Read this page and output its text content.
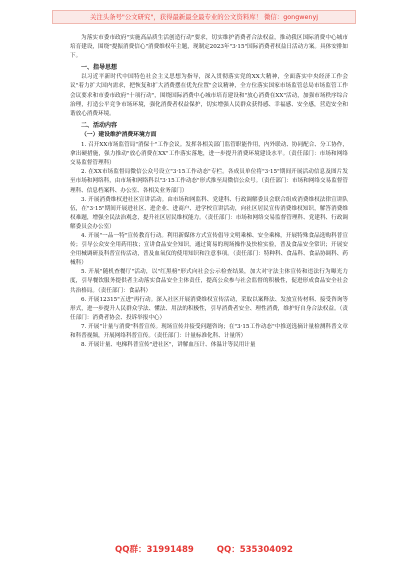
关注头条号"公文研究"，获得最新最全最专业的公文资料库！ 微信：gongwenyj

为落实市委市政府"实施高品质生活创造行动"要求，切实维护消费者合法权益，推动我区国际消费中心城市培育建设，围绕"提振消费信心"消费维权年主题，现制定2023年"3·15"国际消费者权益日活动方案。具体安排如下。

一、指导思想

以习近平新时代中国特色社会主义思想为指导，深入贯彻落实党的XX大精神，全面落实中央经济工作会议"着力扩大国内需求，把恢复和扩大消费摆在优先位置"会议精神，全方位落实国家市场监管总局市场监管工作会议要求和市委市政府"十项行动"，围绕国际消费中心城市培育建设和"放心消费在XX"活动，加强市场秩序综合治理，打造公平竞争市场环境，强化消费者权益保护，切实增强人民群众获得感、幸福感、安全感，营造安全和谐放心消费环境。

二、活动内容
（一）建设维护消费环境方面

1. 召开XX市场监管局"消保十"工作会议。发挥各相关部门监管职能作用，内外联动、协同配合、分工协作，拿出硬措施，强力推动"放心消费在XX"工作落实落地，进一步提升消费环境建设水平。（责任部门：市场和网络交易监督管理科）

2. 在XX市场监督局微信公众号设立"3·15工作动态"专栏。各成员单位将"3·15"期间开展活动信息及图片发至市场和网络科，由市场和网络科以"3·15工作动态"形式推至局微信公众号。（责任部门：市场和网络交易监督管理科、信息档案科、办公室、各相关业务部门）

3. 开展消费维权进社区宣讲活动。由市场和网监科、党建科、行政调解委员会联合组成消费维权法律宣讲队伍，在"3·15"期间开展进社区、进企业、进商户、进学校宣讲活动，向社区居民宣传消费维权知识，解答消费维权难题，增强全民法治观念，提升社区居民维权能力。（责任部门：市场和网络交易监督管理科、党建科、行政调解委员会办公室）

4. 开展"一品一特"宣传教育行动。利用新媒体方式宣传倡导文明乘梯、安全乘梯，开展特殊食品选购科普宣传；引导公众安全用药用妆；宣讲食品安全知识，通过简易的现场操作及快检实验，普及食品安全常识；开展安全用械调研及科普宣传活动，普及血氧仪的使用知识和注意事项。（责任部门：特种科、食品科、食品协调科、药械科）

5. 开展"随机查餐厅"活动，以"红黑榜"形式向社会公示检查结果，加大对守法主体宣传和违法行为曝光力度，引导餐饮服务提供者主动落实食品安全主体责任，提高公众参与社会监督的积极性，促进形成食品安全社会共治格局。（责任部门：食品科）

6. 开展12315"五进"再行动。深入社区开展消费维权宣传活动，采取以案释法、发放宣传材料、接受咨询等形式，进一步提升人民群众学法、懂法、用法的积极性，引导消费者安全、理性消费，维护好自身合法权益。（责任部门：消费者协会、投诉举报中心）

7. 开展"计量与消费"科普宣传。现场宣传并接受问题咨询；在"3·15工作动态"中推送选摘计量检测科普文章和科普视频，开展网络科普宣传。（责任部门：计量标准化科、计量所）

8. 开展计量、电梯科普宣传"进社区"，讲解血压计、体温计等民用计量

QQ群：31991489	QQ：535304092
